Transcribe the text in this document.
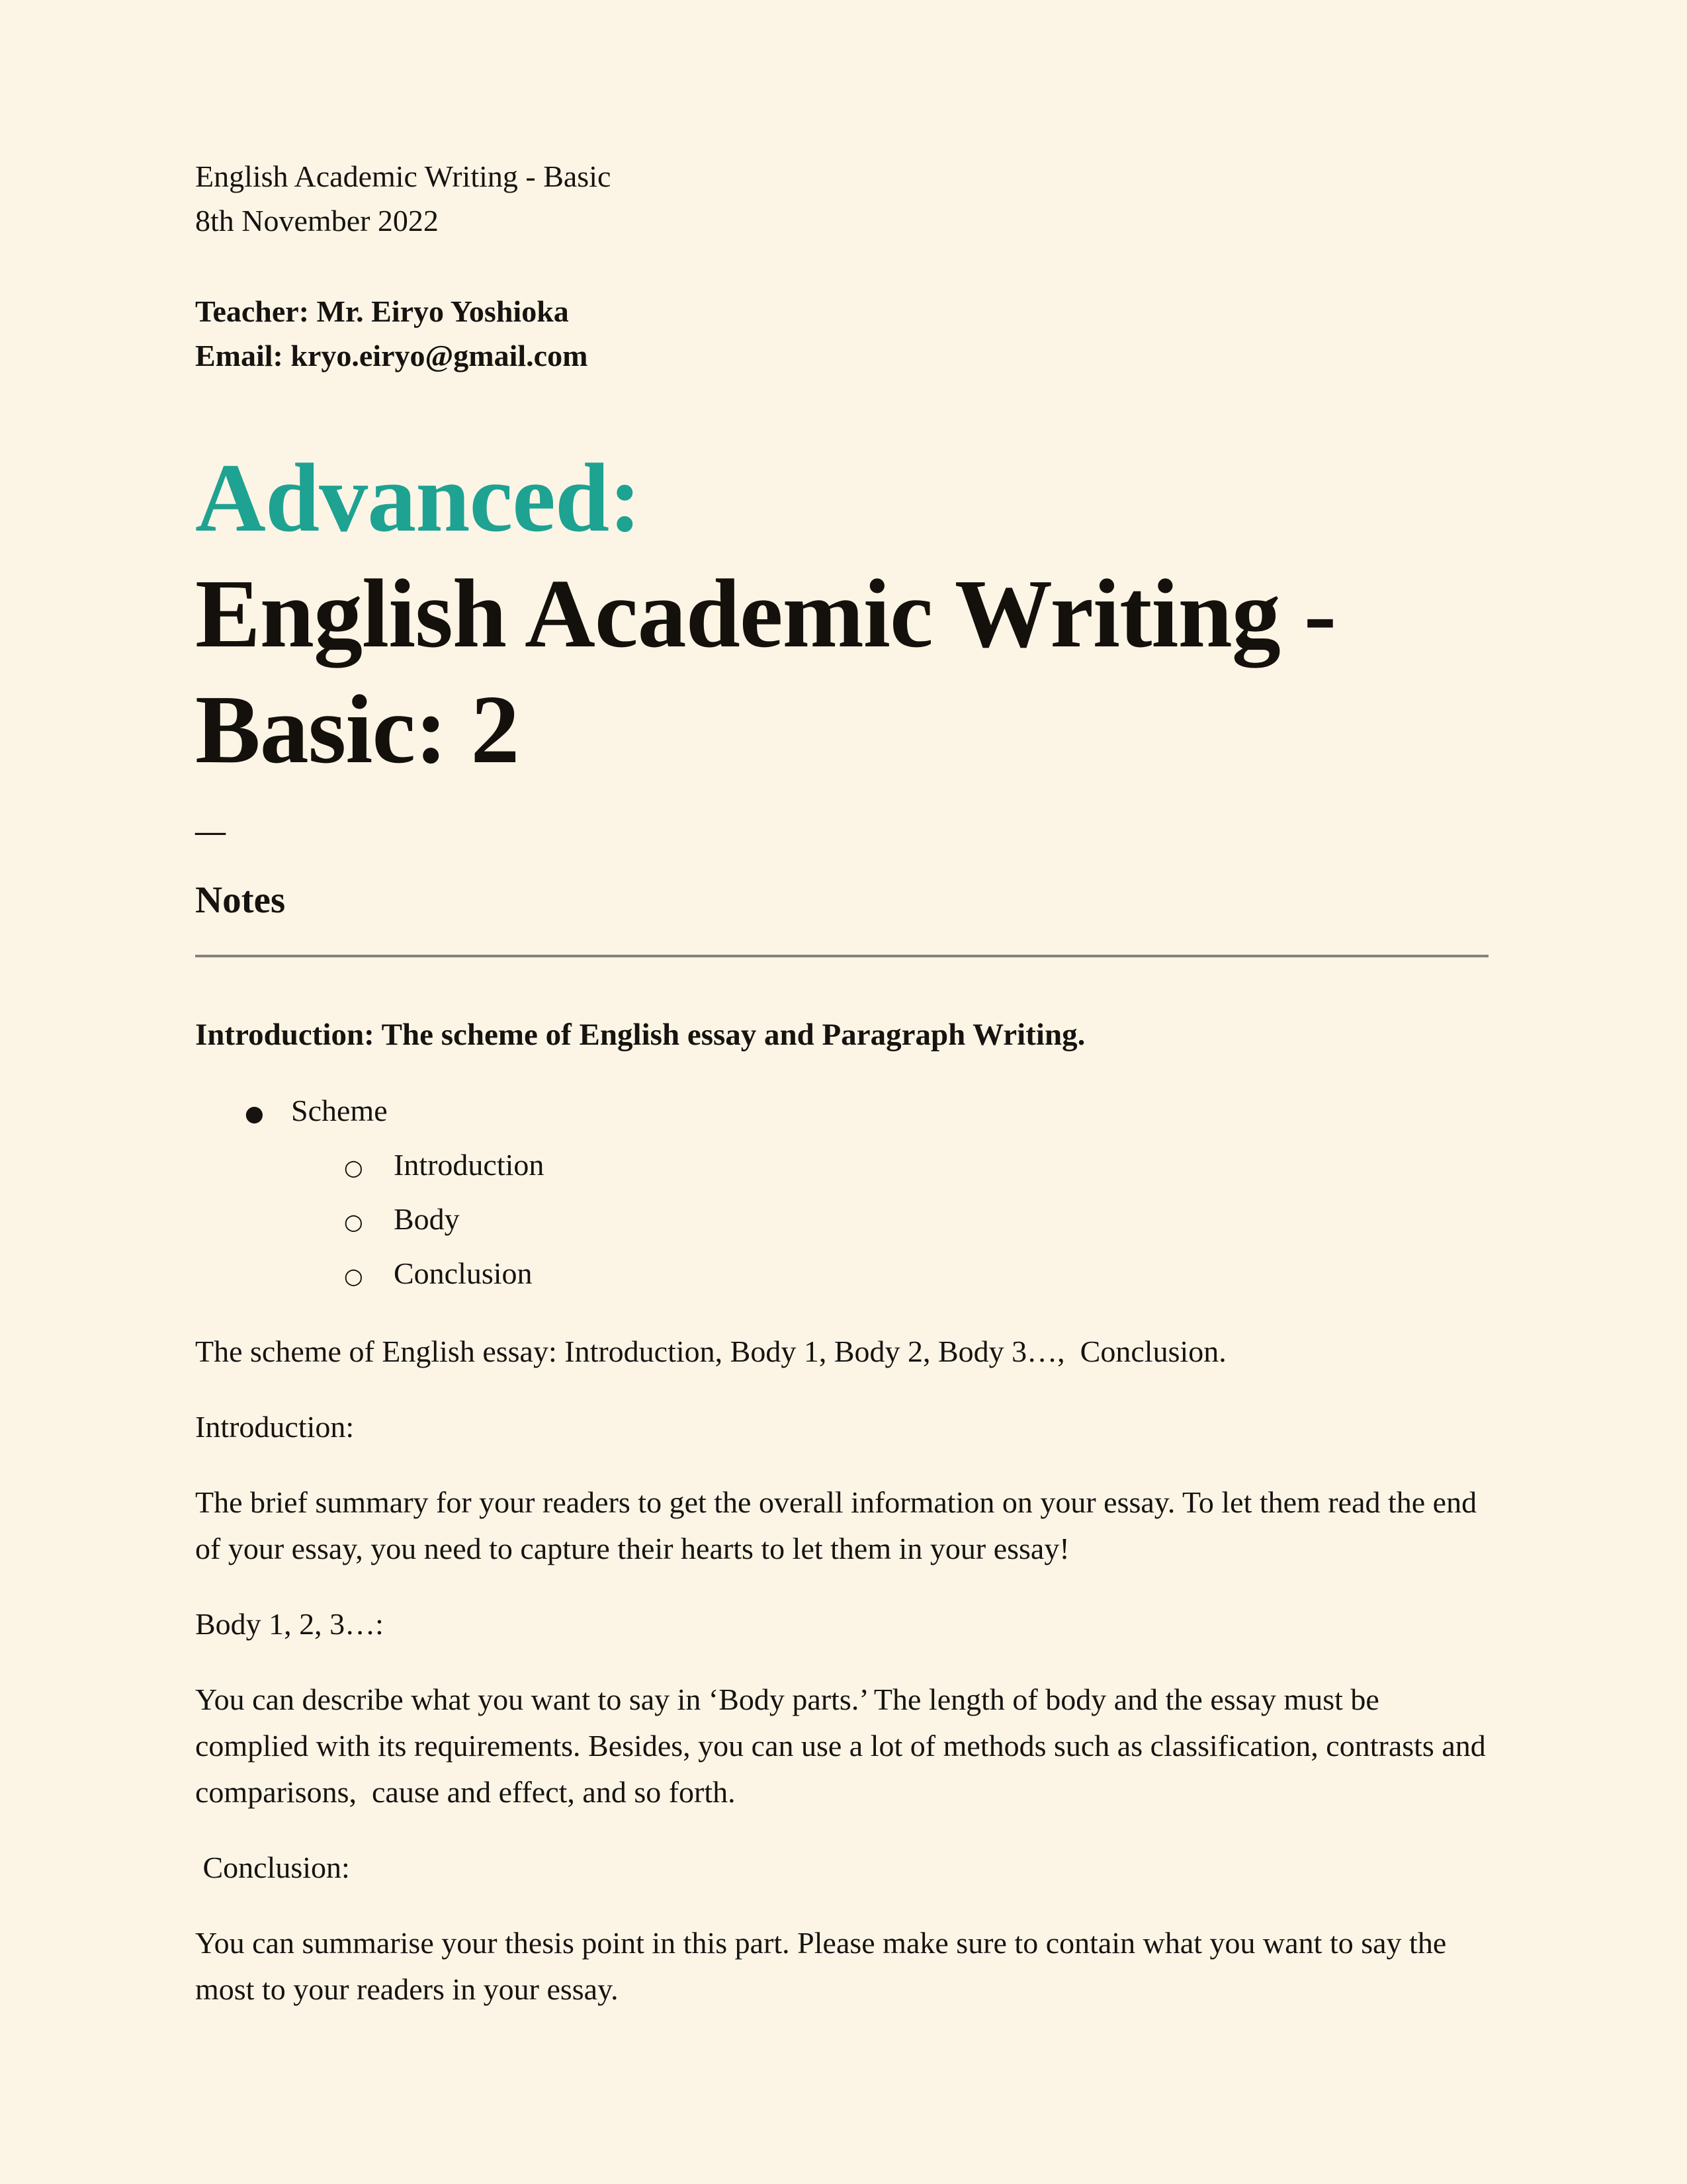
English Academic Writing - Basic

8th November 2022

Teacher: Mr. Eiryo Yoshioka

Email: kryo.eiryo@gmail.com

Advanced:
English Academic Writing -
Basic: 2

—

Notes

Introduction: The scheme of English essay and Paragraph Writing.

● Scheme
○	Introduction
○	Body
○	Conclusion

The scheme of English essay: Introduction, Body 1, Body 2, Body 3…,  Conclusion.

Introduction:

The brief summary for your readers to get the overall information on your essay. To let them read the end of your essay, you need to capture their hearts to let them in your essay!

Body 1, 2, 3…:

You can describe what you want to say in ‘Body parts.’ The length of body and the essay must be complied with its requirements. Besides, you can use a lot of methods such as classification, contrasts and comparisons,  cause and effect, and so forth.

Conclusion:

You can summarise your thesis point in this part. Please make sure to contain what you want to say the most to your readers in your essay.
